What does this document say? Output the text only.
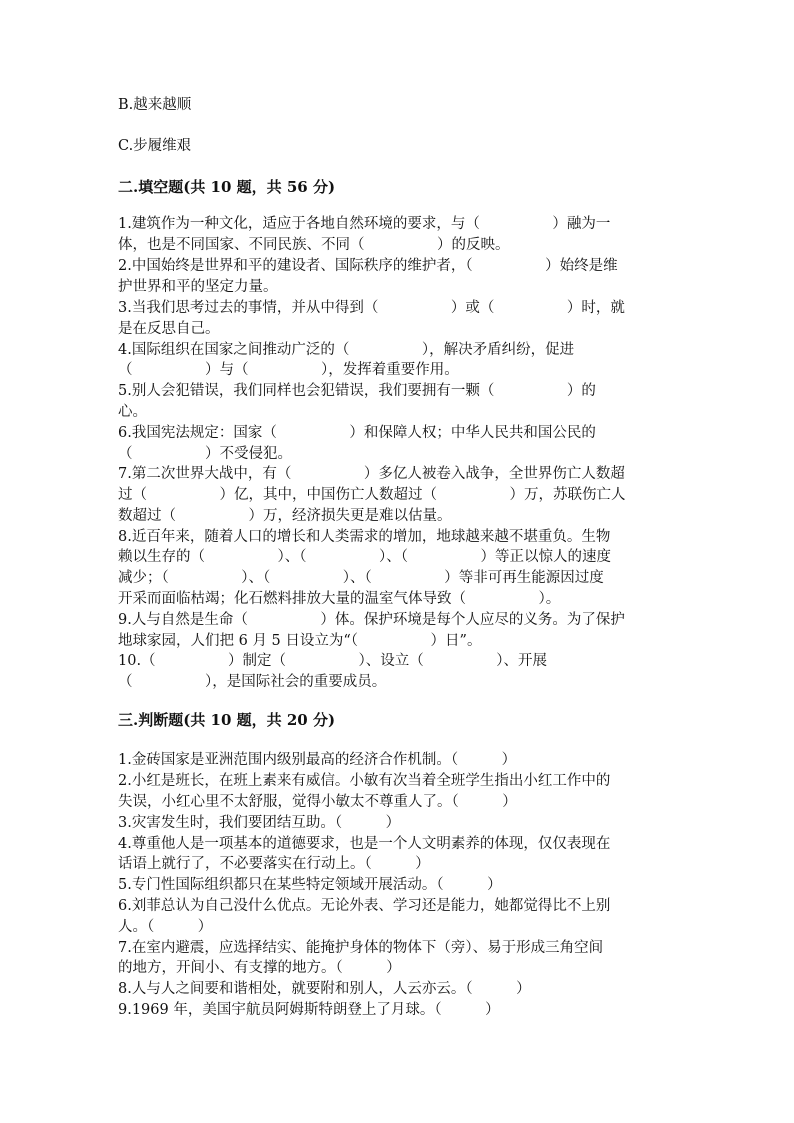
B.越来越顺
C.步履维艰
二.填空题(共 10 题，共 56 分)
1.建筑作为一种文化，适应于各地自然环境的要求，与（　　　　　）融为一
体，也是不同国家、不同民族、不同（　　　　　）的反映。
2.中国始终是世界和平的建设者、国际秩序的维护者，（　　　　　）始终是维
护世界和平的坚定力量。
3.当我们思考过去的事情，并从中得到（　　　　　）或（　　　　　）时，就
是在反思自己。
4.国际组织在国家之间推动广泛的（　　　　　），解决矛盾纠纷，促进
（　　　　　）与（　　　　　），发挥着重要作用。
5.别人会犯错误，我们同样也会犯错误，我们要拥有一颗（　　　　　）的
心。
6.我国宪法规定：国家（　　　　　）和保障人权；中华人民共和国公民的
（　　　　　）不受侵犯。
7.第二次世界大战中，有（　　　　　）多亿人被卷入战争，全世界伤亡人数超
过（　　　　　）亿，其中，中国伤亡人数超过（　　　　　）万，苏联伤亡人
数超过（　　　　　）万，经济损失更是难以估量。
8.近百年来，随着人口的增长和人类需求的增加，地球越来越不堪重负。生物
赖以生存的（　　　　　）、（　　　　　）、（　　　　　）等正以惊人的速度
减少；（　　　　　）、（　　　　　）、（　　　　　）等非可再生能源因过度
开采而面临枯竭；化石燃料排放大量的温室气体导致（　　　　　）。
9.人与自然是生命（　　　　　）体。保护环境是每个人应尽的义务。为了保护
地球家园，人们把 6 月 5 日设立为“（　　　　　）日”。
10.（　　　　　）制定（　　　　　）、设立（　　　　　）、开展
（　　　　　），是国际社会的重要成员。
三.判断题(共 10 题，共 20 分)
1.金砖国家是亚洲范围内级别最高的经济合作机制。（　　　）
2.小红是班长，在班上素来有威信。小敏有次当着全班学生指出小红工作中的
失误，小红心里不太舒服，觉得小敏太不尊重人了。（　　　）
3.灾害发生时，我们要团结互助。（　　　）
4.尊重他人是一项基本的道德要求，也是一个人文明素养的体现，仅仅表现在
话语上就行了，不必要落实在行动上。（　　　）
5.专门性国际组织都只在某些特定领域开展活动。（　　　）
6.刘菲总认为自己没什么优点。无论外表、学习还是能力，她都觉得比不上别
人。（　　　）
7.在室内避震，应选择结实、能掩护身体的物体下（旁）、易于形成三角空间
的地方，开间小、有支撑的地方。（　　　）
8.人与人之间要和谐相处，就要附和别人，人云亦云。（　　　）
9.1969 年，美国宇航员阿姆斯特朗登上了月球。（　　　）
